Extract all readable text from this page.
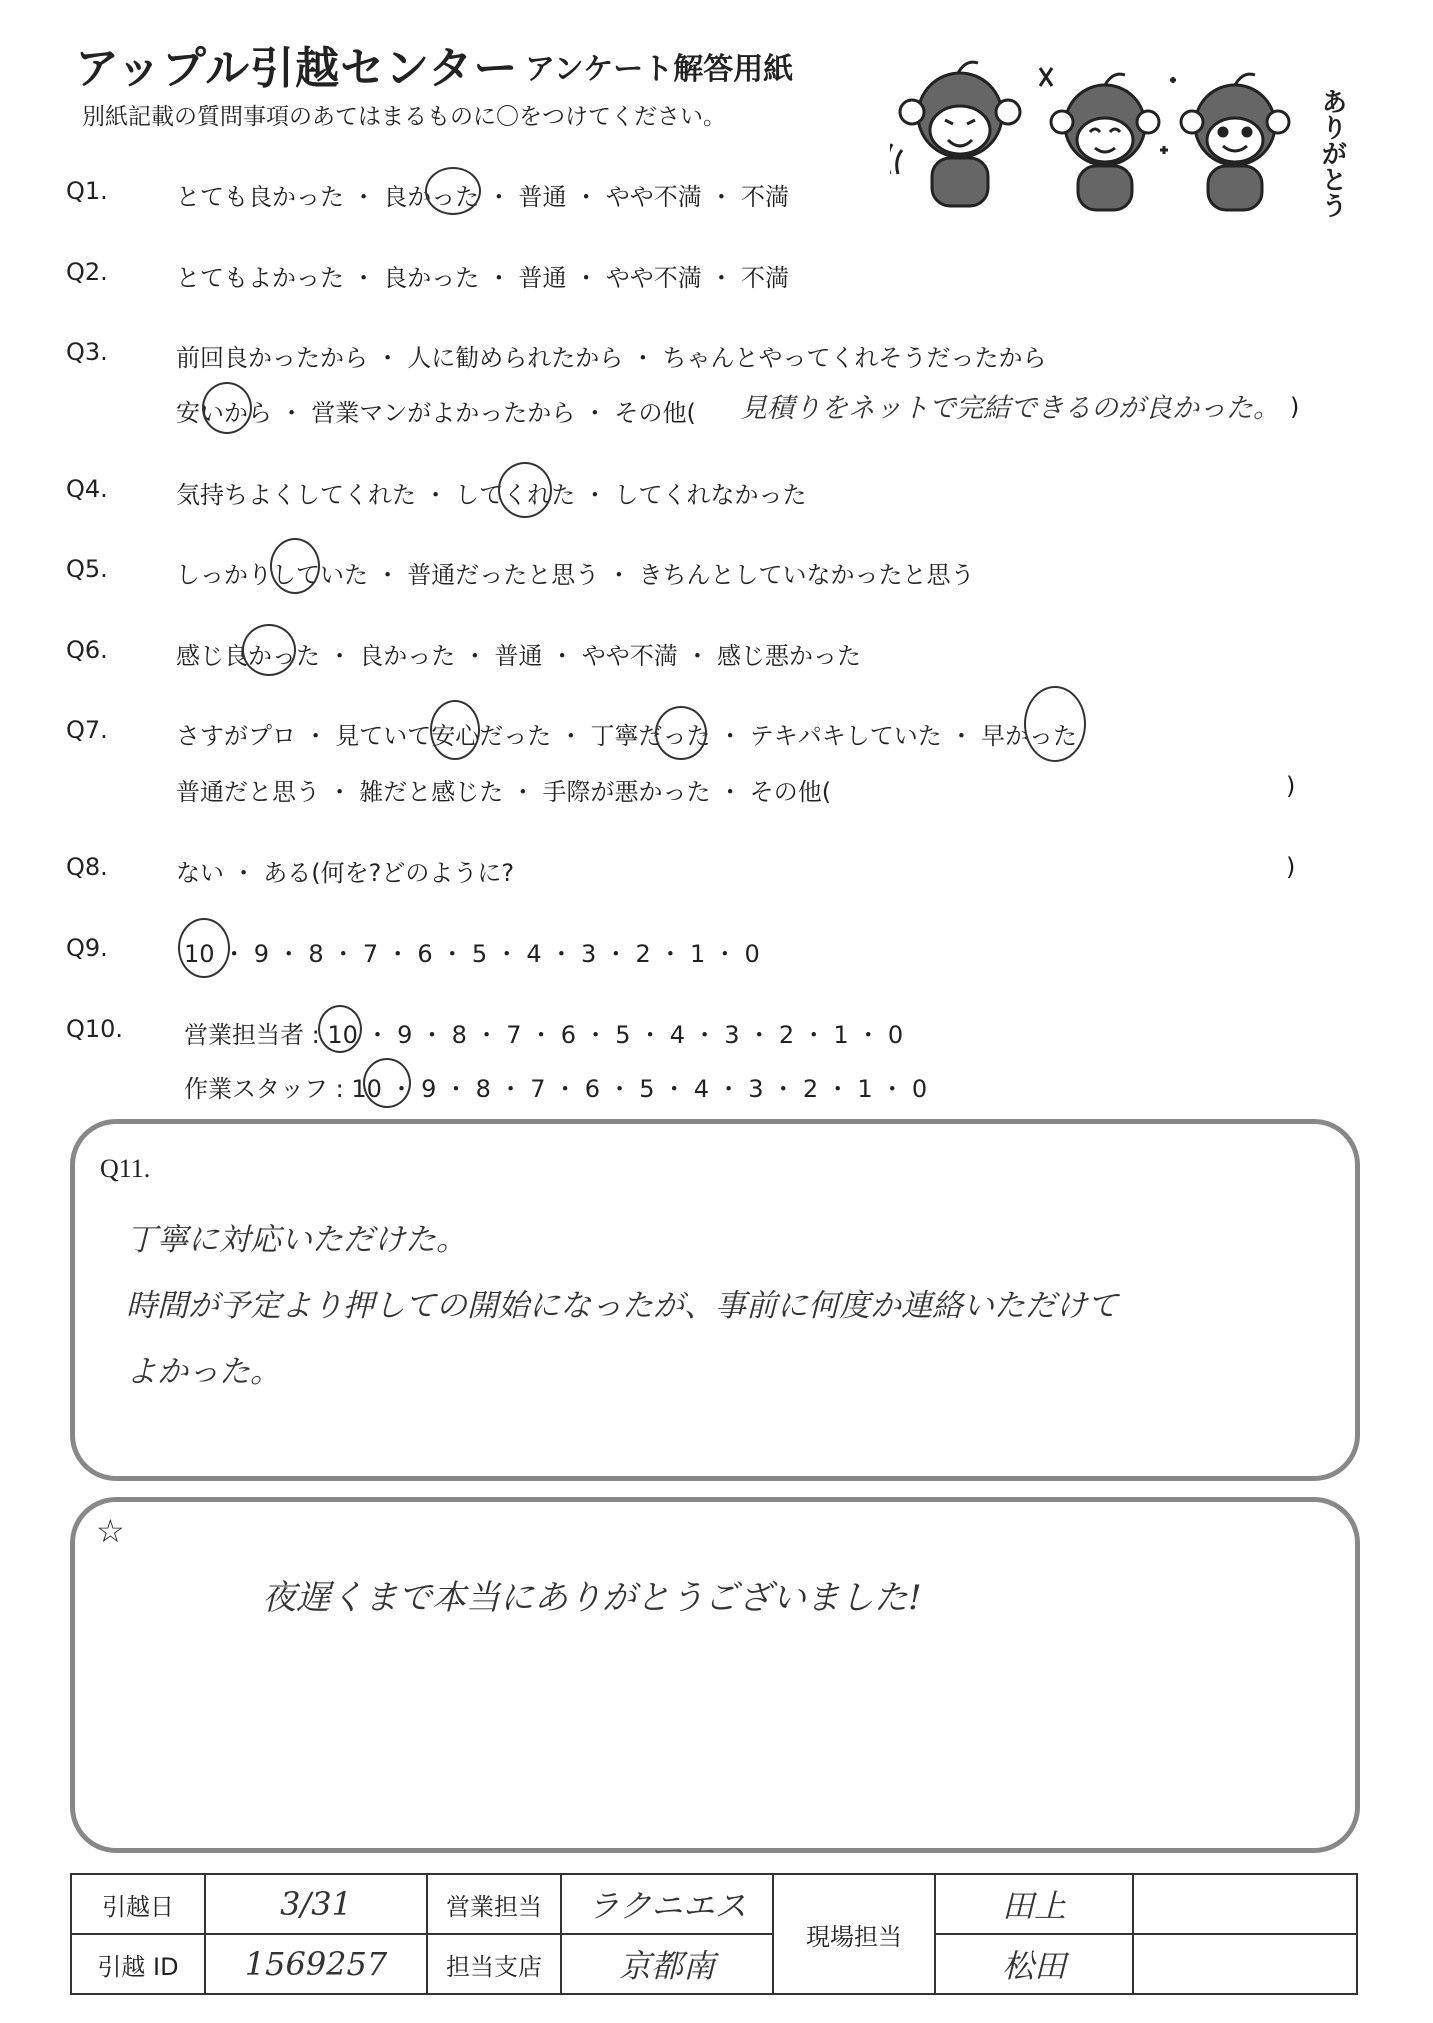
アップル引越センター アンケート解答用紙
別紙記載の質問事項のあてはまるものに〇をつけてください。	ありがとう
Q1.	とても良かった ・ 良かった ・ 普通 ・ やや不満 ・ 不満
Q2.	とてもよかった ・ 良かった ・ 普通 ・ やや不満 ・ 不満
Q3.	前回良かったから ・ 人に勧められたから ・ ちゃんとやってくれそうだったから
安いから ・ 営業マンがよかったから ・ その他( 見積りをネットで完結できるのが良かった。 )
Q4.	気持ちよくしてくれた ・ してくれた ・ してくれなかった
Q5.	しっかりしていた ・ 普通だったと思う ・ きちんとしていなかったと思う
Q6.	感じ良かった ・ 良かった ・ 普通 ・ やや不満 ・ 感じ悪かった
Q7.	さすがプロ ・ 見ていて安心だった ・ 丁寧だった ・ テキパキしていた ・ 早かった
普通だと思う ・ 雑だと感じた ・ 手際が悪かった ・ その他(	)
Q8.	ない ・ ある(何を?どのように?	)
Q9.	10 ・ 9 ・ 8 ・ 7 ・ 6 ・ 5 ・ 4 ・ 3 ・ 2 ・ 1 ・ 0
Q10.	営業担当者 : 10 ・ 9 ・ 8 ・ 7 ・ 6 ・ 5 ・ 4 ・ 3 ・ 2 ・ 1 ・ 0
作業スタッフ : 10 ・ 9 ・ 8 ・ 7 ・ 6 ・ 5 ・ 4 ・ 3 ・ 2 ・ 1 ・ 0
Q11.
丁寧に対応いただけた。
時間が予定より押しての開始になったが、事前に何度か連絡いただけて
よかった。
☆
夜遅くまで本当にありがとうございました!
引越日	3/31	営業担当	ラクニエス	現場担当	田上	
引越 ID	1569257	担当支店	京都南		松田	
